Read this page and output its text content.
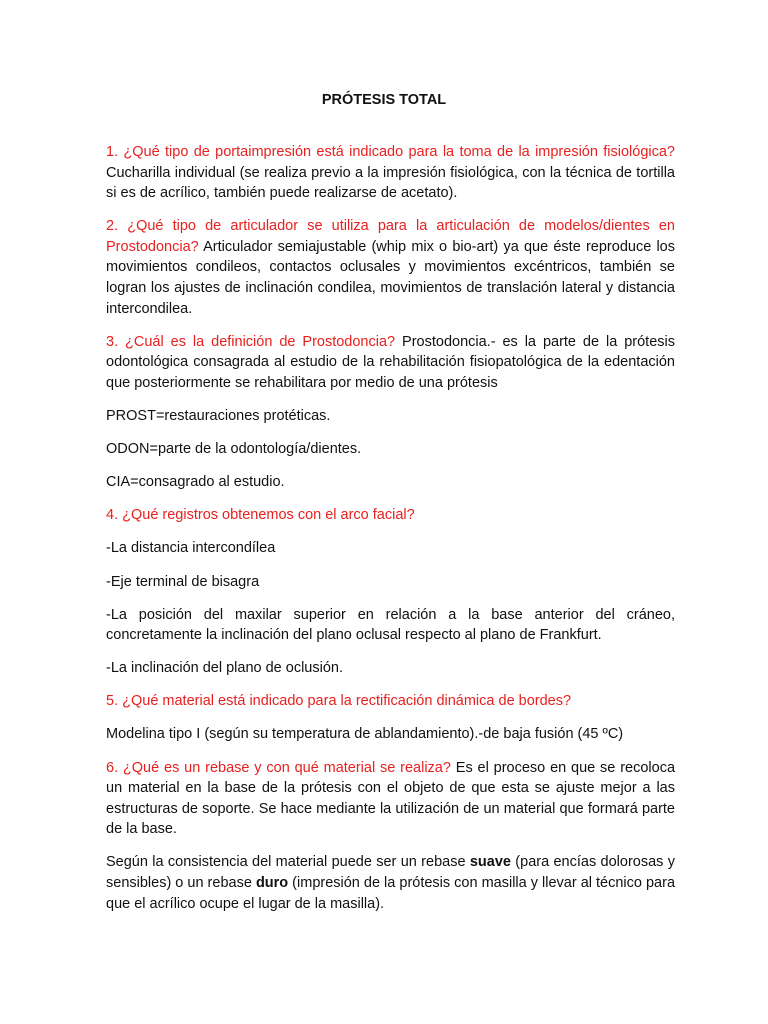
PRÓTESIS TOTAL

1. ¿Qué tipo de portaimpresión está indicado para la toma de la impresión fisiológica? Cucharilla individual (se realiza previo a la impresión fisiológica, con la técnica de tortilla si es de acrílico, también puede realizarse de acetato).

2. ¿Qué tipo de articulador se utiliza para la articulación de modelos/dientes en Prostodoncia? Articulador semiajustable (whip mix o bio-art) ya que éste reproduce los movimientos condileos, contactos oclusales y movimientos excéntricos, también se logran los ajustes de inclinación condilea, movimientos de translación lateral y distancia intercondilea.

3. ¿Cuál es la definición de Prostodoncia? Prostodoncia.- es la parte de la prótesis odontológica consagrada al estudio de la rehabilitación fisiopatológica de la edentación que posteriormente se rehabilitara por medio de una prótesis

PROST=restauraciones protéticas.

ODON=parte de la odontología/dientes.

CIA=consagrado al estudio.

4. ¿Qué registros obtenemos con el arco facial?

-La distancia intercondílea

-Eje terminal de bisagra

-La posición del maxilar superior en relación a la base anterior del cráneo, concretamente la inclinación del plano oclusal respecto al plano de Frankfurt.

-La inclinación del plano de oclusión.

5. ¿Qué material está indicado para la rectificación dinámica de bordes?

Modelina tipo I (según su temperatura de ablandamiento).-de baja fusión (45 ºC)

6. ¿Qué es un rebase y con qué material se realiza? Es el proceso en que se recoloca un material en la base de la prótesis con el objeto de que esta se ajuste mejor a las estructuras de soporte. Se hace mediante la utilización de un material que formará parte de la base.

Según la consistencia del material puede ser un rebase suave (para encías dolorosas y sensibles) o un rebase duro (impresión de la prótesis con masilla y llevar al técnico para que el acrílico ocupe el lugar de la masilla).
